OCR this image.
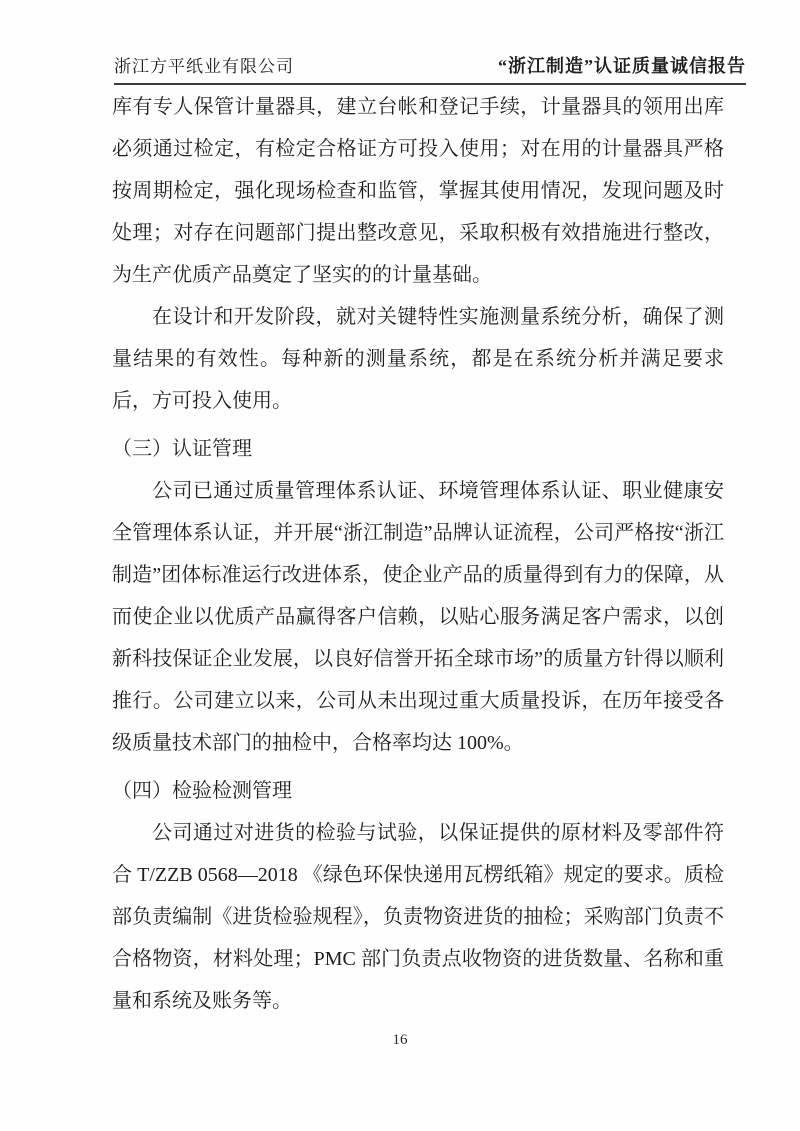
浙江方平纸业有限公司	“浙江制造”认证质量诚信报告
库有专人保管计量器具，建立台帐和登记手续，计量器具的领用出库必须通过检定，有检定合格证方可投入使用；对在用的计量器具严格按周期检定，强化现场检查和监管，掌握其使用情况，发现问题及时处理；对存在问题部门提出整改意见，采取积极有效措施进行整改，为生产优质产品奠定了坚实的的计量基础。
在设计和开发阶段，就对关键特性实施测量系统分析，确保了测量结果的有效性。每种新的测量系统，都是在系统分析并满足要求后，方可投入使用。
（三）认证管理
公司已通过质量管理体系认证、环境管理体系认证、职业健康安全管理体系认证，并开展“浙江制造”品牌认证流程，公司严格按“浙江制造”团体标准运行改进体系，使企业产品的质量得到有力的保障，从而使企业以优质产品赢得客户信赖，以贴心服务满足客户需求，以创新科技保证企业发展，以良好信誉开拓全球市场”的质量方针得以顺利推行。公司建立以来，公司从未出现过重大质量投诉，在历年接受各级质量技术部门的抽检中，合格率均达 100%。
（四）检验检测管理
公司通过对进货的检验与试验，以保证提供的原材料及零部件符合 T/ZZB 0568—2018 《绿色环保快递用瓦楞纸箱》规定的要求。质检部负责编制《进货检验规程》，负责物资进货的抽检；采购部门负责不合格物资，材料处理；PMC 部门负责点收物资的进货数量、名称和重量和系统及账务等。
16
